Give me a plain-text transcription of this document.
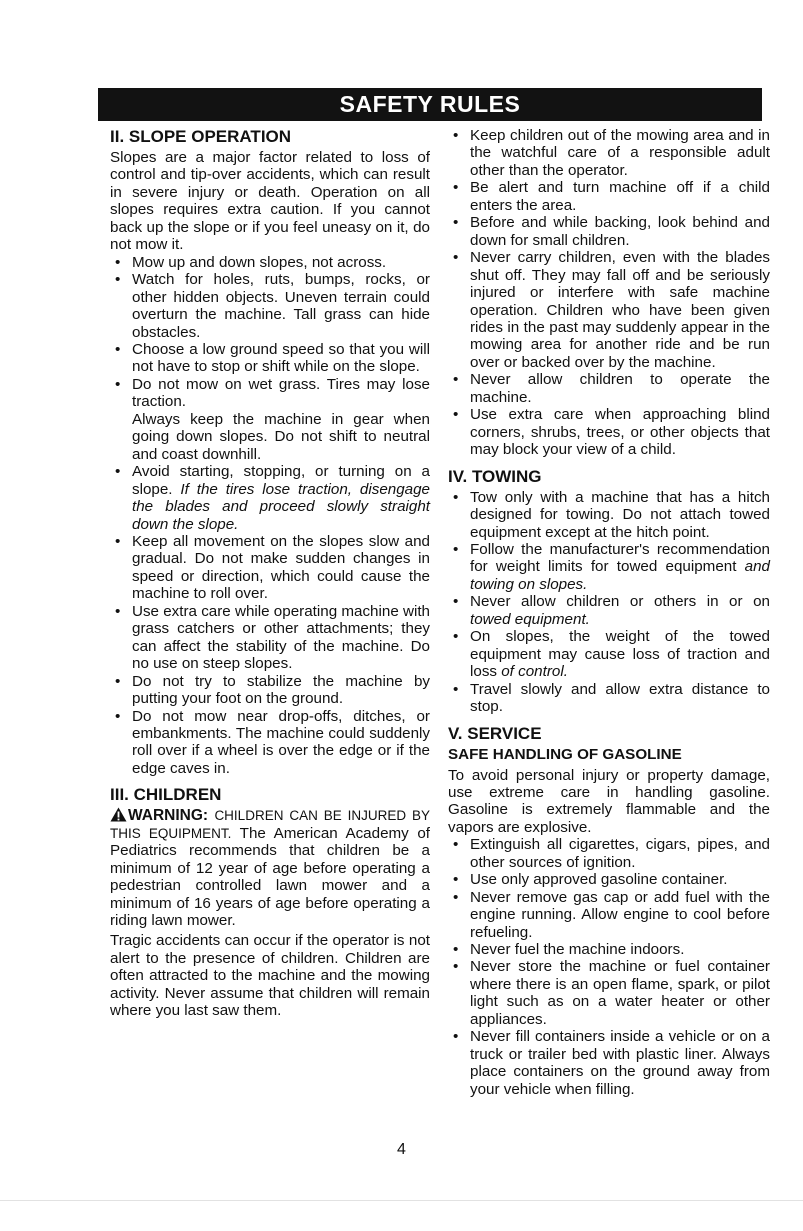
SAFETY RULES
II. SLOPE OPERATION

Slopes are a major factor related to loss of control and tip-over accidents, which can result in severe injury or death. Operation on all slopes requires extra caution. If you cannot back up the slope or if you feel uneasy on it, do not mow it.

• Mow up and down slopes, not across.
• Watch for holes, ruts, bumps, rocks, or other hidden objects. Uneven terrain could overturn the machine. Tall grass can hide obstacles.
• Choose a low ground speed so that you will not have to stop or shift while on the slope.
• Do not mow on wet grass. Tires may lose traction.

Always keep the machine in gear when going down slopes. Do not shift to neutral and coast downhill.

• Avoid starting, stopping, or turning on a slope. If the tires lose traction, disengage the blades and proceed slowly straight down the slope.
• Keep all movement on the slopes slow and gradual. Do not make sudden changes in speed or direction, which could cause the machine to roll over.
• Use extra care while operating machine with grass catchers or other attachments; they can affect the stability of the machine. Do no use on steep slopes.
• Do not try to stabilize the machine by putting your foot on the ground.
• Do not mow near drop-offs, ditches, or embankments. The machine could suddenly roll over if a wheel is over the edge or if the edge caves in.
III. CHILDREN

WARNING: CHILDREN CAN BE INJURED BY THIS EQUIPMENT. The American Academy of Pediatrics recommends that children be a minimum of 12 year of age before operating a pedestrian controlled lawn mower and a minimum of 16 years of age before operating a riding lawn mower.

Tragic accidents can occur if the operator is not alert to the presence of children. Children are often attracted to the machine and the mowing activity. Never assume that children will remain where you last saw them.

• Keep children out of the mowing area and in the watchful care of a responsible adult other than the operator.
• Be alert and turn machine off if a child enters the area.
• Before and while backing, look behind and down for small children.
• Never carry children, even with the blades shut off. They may fall off and be seriously injured or interfere with safe machine operation. Children who have been given rides in the past may suddenly appear in the mowing area for another ride and be run over or backed over by the machine.
• Never allow children to operate the machine.
• Use extra care when approaching blind corners, shrubs, trees, or other objects that may block your view of a child.
IV. TOWING
• Tow only with a machine that has a hitch designed for towing. Do not attach towed equipment except at the hitch point.
• Follow the manufacturer's recommendation for weight limits for towed equipment and towing on slopes.
• Never allow children or others in or on towed equipment.
• On slopes, the weight of the towed equipment may cause loss of traction and loss of control.
• Travel slowly and allow extra distance to stop.
V. SERVICE
SAFE HANDLING OF GASOLINE

To avoid personal injury or property damage, use extreme care in handling gasoline. Gasoline is extremely flammable and the vapors are explosive.

• Extinguish all cigarettes, cigars, pipes, and other sources of ignition.
• Use only approved gasoline container.
• Never remove gas cap or add fuel with the engine running. Allow engine to cool before refueling.
• Never fuel the machine indoors.
• Never store the machine or fuel container where there is an open flame, spark, or pilot light such as on a water heater or other appliances.
• Never fill containers inside a vehicle or on a truck or trailer bed with plastic liner. Always place containers on the ground away from your vehicle when filling.
4
